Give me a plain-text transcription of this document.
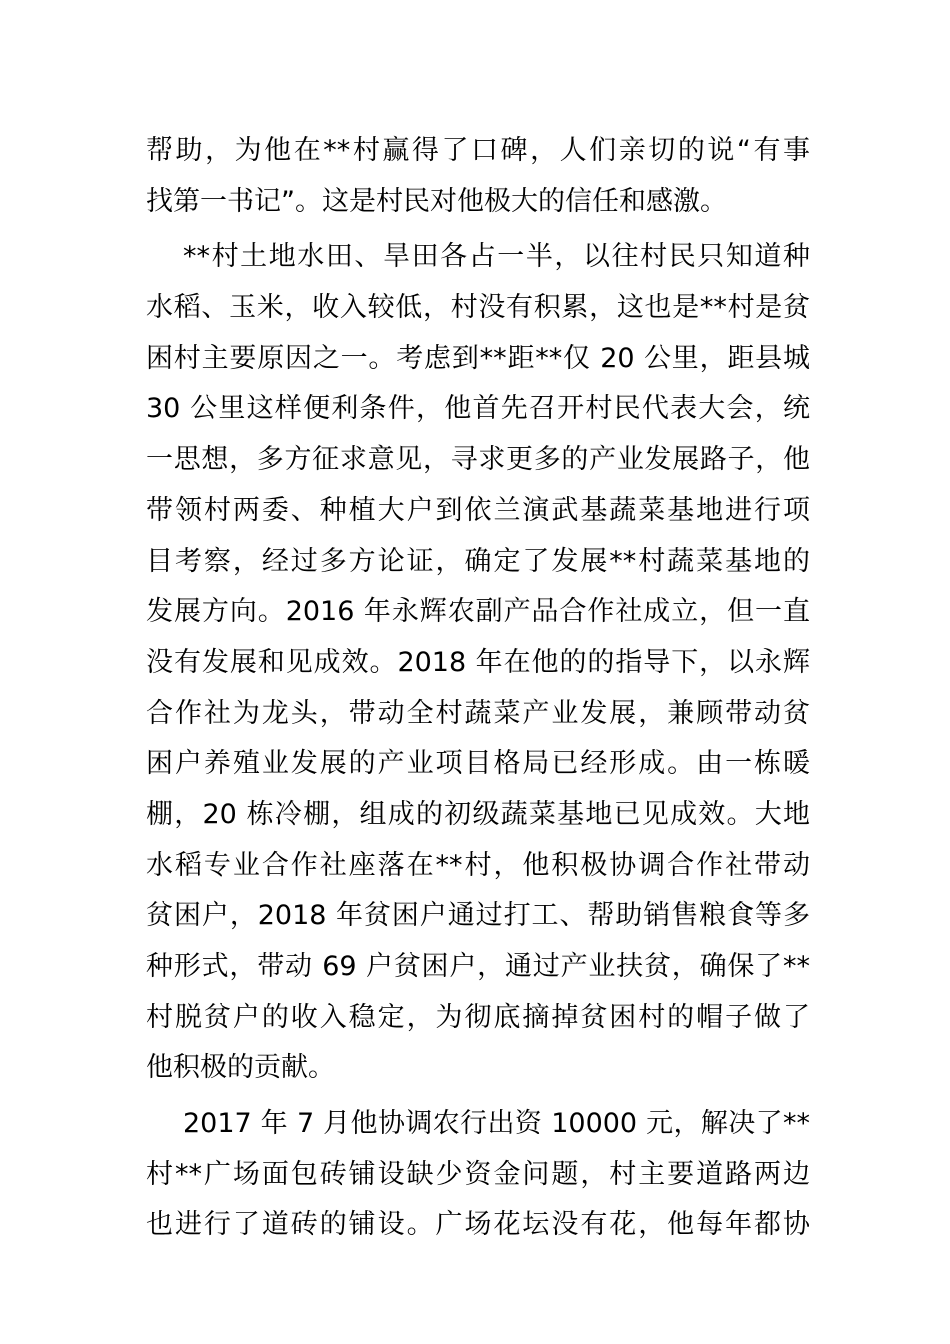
帮助，为他在**村赢得了口碑，人们亲切的说“有事
找第一书记”。这是村民对他极大的信任和感激。
**村土地水田、旱田各占一半，以往村民只知道种
水稻、玉米，收入较低，村没有积累，这也是**村是贫
困村主要原因之一。考虑到**距**仅 20 公里，距县城
30 公里这样便利条件，他首先召开村民代表大会，统
一思想，多方征求意见，寻求更多的产业发展路子，他
带领村两委、种植大户到依兰演武基蔬菜基地进行项
目考察，经过多方论证，确定了发展**村蔬菜基地的
发展方向。2016 年永辉农副产品合作社成立，但一直
没有发展和见成效。2018 年在他的的指导下，以永辉
合作社为龙头，带动全村蔬菜产业发展，兼顾带动贫
困户养殖业发展的产业项目格局已经形成。由一栋暖
棚，20 栋冷棚，组成的初级蔬菜基地已见成效。大地
水稻专业合作社座落在**村，他积极协调合作社带动
贫困户，2018 年贫困户通过打工、帮助销售粮食等多
种形式，带动 69 户贫困户，通过产业扶贫，确保了**
村脱贫户的收入稳定，为彻底摘掉贫困村的帽子做了
他积极的贡献。
2017 年 7 月他协调农行出资 10000 元，解决了**
村**广场面包砖铺设缺少资金问题，村主要道路两边
也进行了道砖的铺设。广场花坛没有花，他每年都协
